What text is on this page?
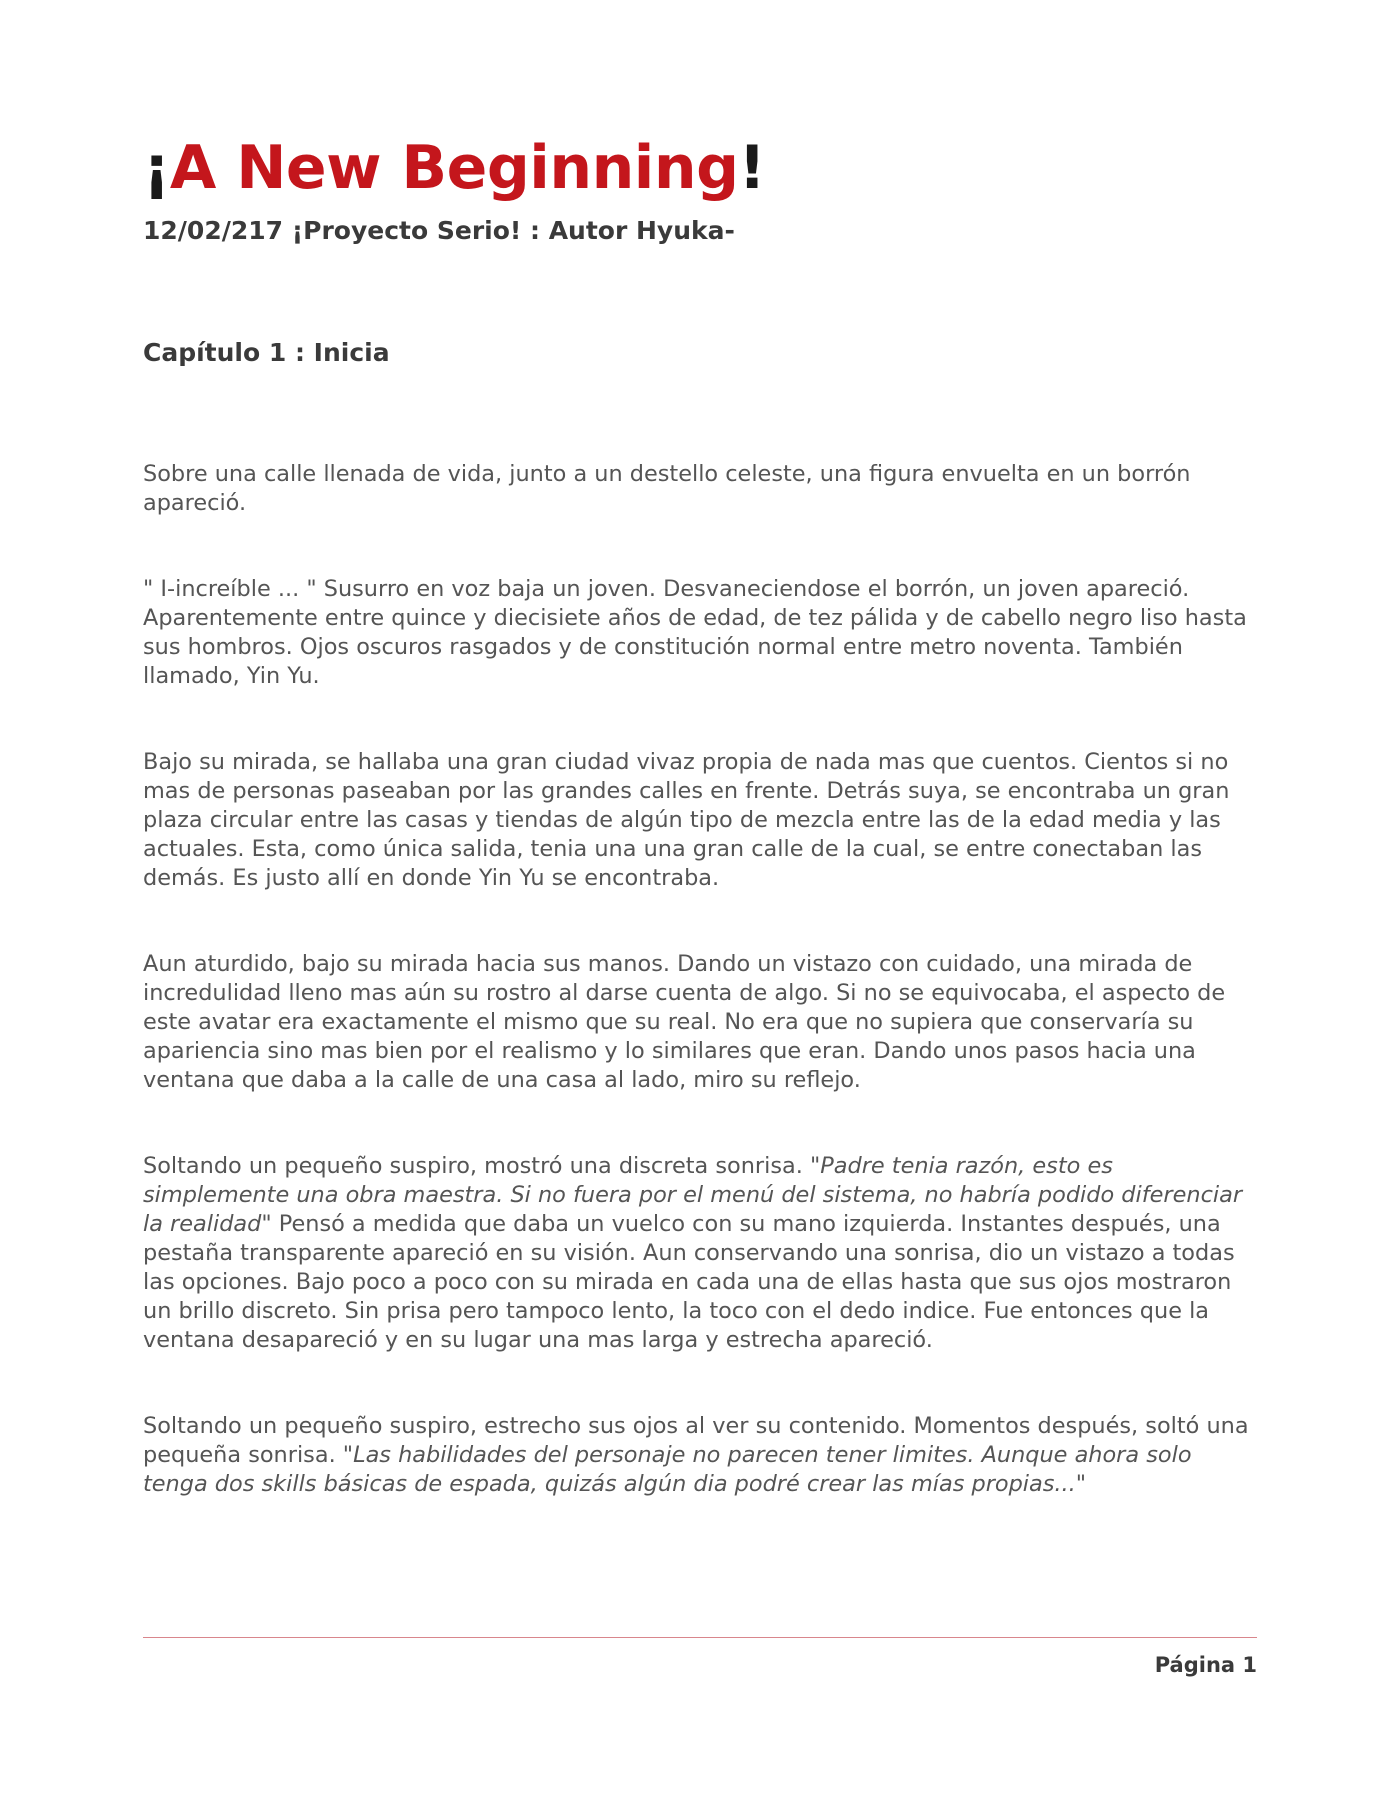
¡A New Beginning!

12/02/217 ¡Proyecto Serio! : Autor Hyuka-

Capítulo 1 : Inicia

Sobre una calle llenada de vida, junto a un destello celeste, una figura envuelta en un borrón apareció.

" I-increíble ... " Susurro en voz baja un joven. Desvaneciendose el borrón, un joven apareció. Aparentemente entre quince y diecisiete años de edad, de tez pálida y de cabello negro liso hasta sus hombros. Ojos oscuros rasgados y de constitución normal entre metro noventa. También llamado, Yin Yu.

Bajo su mirada, se hallaba una gran ciudad vivaz propia de nada mas que cuentos. Cientos si no mas de personas paseaban por las grandes calles en frente. Detrás suya, se encontraba un gran plaza circular entre las casas y tiendas de algún tipo de mezcla entre las de la edad media y las actuales. Esta, como única salida, tenia una una gran calle de la cual, se entre conectaban las demás. Es justo allí en donde Yin Yu se encontraba.

Aun aturdido, bajo su mirada hacia sus manos. Dando un vistazo con cuidado, una mirada de incredulidad lleno mas aún su rostro al darse cuenta de algo. Si no se equivocaba, el aspecto de este avatar era exactamente el mismo que su real. No era que no supiera que conservaría su apariencia sino mas bien por el realismo y lo similares que eran. Dando unos pasos hacia una ventana que daba a la calle de una casa al lado, miro su reflejo.

Soltando un pequeño suspiro, mostró una discreta sonrisa. "Padre tenia razón, esto es simplemente una obra maestra. Si no fuera por el menú del sistema, no habría podido diferenciar la realidad" Pensó a medida que daba un vuelco con su mano izquierda. Instantes después, una pestaña transparente apareció en su visión. Aun conservando una sonrisa, dio un vistazo a todas las opciones. Bajo poco a poco con su mirada en cada una de ellas hasta que sus ojos mostraron un brillo discreto. Sin prisa pero tampoco lento, la toco con el dedo indice. Fue entonces que la ventana desapareció y en su lugar una mas larga y estrecha apareció.

Soltando un pequeño suspiro, estrecho sus ojos al ver su contenido. Momentos después, soltó una pequeña sonrisa. "Las habilidades del personaje no parecen tener limites. Aunque ahora solo tenga dos skills básicas de espada, quizás algún dia podré crear las mías propias..."

Página 1
